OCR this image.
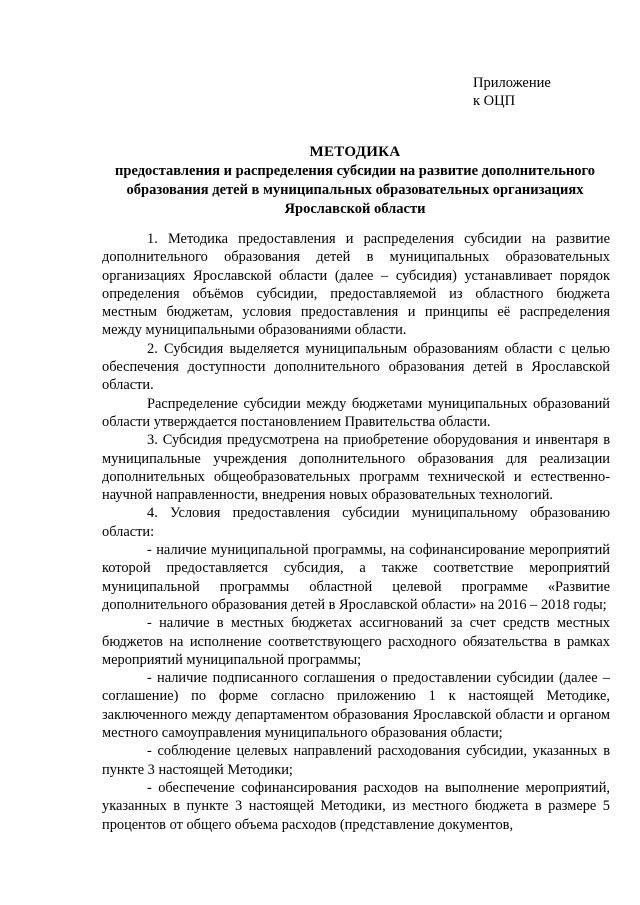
Приложение
к ОЦП
МЕТОДИКА
предоставления и распределения субсидии на развитие дополнительного
образования детей в муниципальных образовательных организациях
Ярославской области

1. Методика предоставления и распределения субсидии на развитие дополнительного образования детей в муниципальных образовательных организациях Ярославской области (далее – субсидия) устанавливает порядок определения объёмов субсидии, предоставляемой из областного бюджета местным бюджетам, условия предоставления и принципы её распределения между муниципальными образованиями области.

2. Субсидия выделяется муниципальным образованиям области с целью обеспечения доступности дополнительного образования детей в Ярославской области.

Распределение субсидии между бюджетами муниципальных образований области утверждается постановлением Правительства области.

3. Субсидия предусмотрена на приобретение оборудования и инвентаря в муниципальные учреждения дополнительного образования для реализации дополнительных общеобразовательных программ технической и естественно-научной направленности, внедрения новых образовательных технологий.

4. Условия предоставления субсидии муниципальному образованию области:

- наличие муниципальной программы, на софинансирование мероприятий которой предоставляется субсидия, а также соответствие мероприятий муниципальной программы областной целевой программе «Развитие дополнительного образования детей в Ярославской области» на 2016 – 2018 годы;

- наличие в местных бюджетах ассигнований за счет средств местных бюджетов на исполнение соответствующего расходного обязательства в рамках мероприятий муниципальной программы;

- наличие подписанного соглашения о предоставлении субсидии (далее – соглашение) по форме согласно приложению 1 к настоящей Методике, заключенного между департаментом образования Ярославской области и органом местного самоуправления муниципального образования области;

- соблюдение целевых направлений расходования субсидии, указанных в пункте 3 настоящей Методики;

- обеспечение софинансирования расходов на выполнение мероприятий, указанных в пункте 3 настоящей Методики, из местного бюджета в размере 5 процентов от общего объема расходов (представление документов,
